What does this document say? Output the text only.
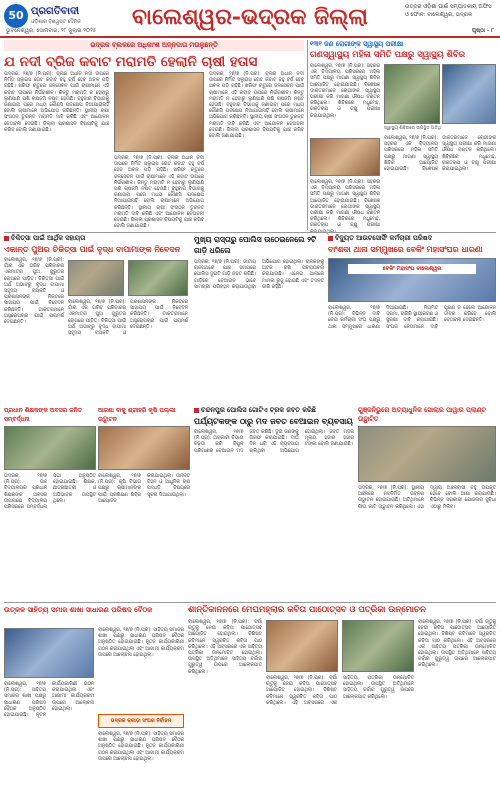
50 ପ୍ରଗତିବାଦୀ
ଓଡ଼ିଶାର ବିଶ୍ୱସ୍ତ ଦୈନିକ	ବାଲେଶ୍ୱର-ଭଦ୍ରକ ଜିଲ୍ଲା	ଉତ୍ତର ଓଡ଼ିଶା ପାଇଁ ସମ୍ପାଦକୀୟ ଅଫିସ ଓ ଫୋନ: ବାଲେଶ୍ୱର, ଭଦ୍ରକ
ଭୁବନେଶ୍ୱର, ସୋମବାର, ୨୮ ଜୁଲାଇ ୨୦୨୫	ପୃଷ୍ଠା - ୮
ଭଦ୍ରକ ବ୍ଲକରେ ଅଧିକାଂଶ ଅନ୍ନଦାତା ମଉଳୁଛନ୍ତି
ଯ ନଦୀ ବ୍ରିଜ କବାଟ ମରାମତି ହେଲାନି ଚାଷୀ ହତାସ
ଭଦ୍ରକ, ୨୭/୭ (ନି.ପ୍ର): ବ୍ଲକ ଅଧୀନ ନଦୀ ଉପରେ ନିର୍ମିତ ସ୍ଲୁଇସ ଗେଟ କବାଟ ବହୁ ବର୍ଷ ହେବ ଅଚଳ ପଡ଼ି ରହିଛି। ଖରିଫ ଋତୁରେ ଜଳସେଚନ ପାଇଁ ଚାଷୀମାନେ ଏହି କବାଟ ଉପରେ ନିର୍ଭରଶୀଳ। କିନ୍ତୁ ମରାମତି ନ ହେବାରୁ ଲୁଣିପାଣି ପଶି ଚାଷଜମି ନଷ୍ଟ ହେଉଛି। ବହୁବାର ବିଭାଗକୁ ଜଣାଇବା ପରେ ମଧ୍ୟ କୌଣସି ପଦକ୍ଷେପ ନିଆଯାଇନାହିଁ ବୋଲି ଚାଷୀମାନେ ଅଭିଯୋଗ କରିଛନ୍ତି। ସ୍ଥାନୀୟ ଚାଷୀ ସଂଗଠନ ତୁରନ୍ତ ମରାମତି ଦାବି କରିଛି ଏବଂ ଆନ୍ଦୋଳନ ଚେତାବନୀ ଦେଇଛି। ଜିଲ୍ଲା ପ୍ରଶାସନ ବିଷୟଟିକୁ ଯାଞ୍ଚ କରିବ ବୋଲି ଜଣାଯାଇଛି।
ଭଦ୍ରକ, ୨୭/୭ (ନି.ପ୍ର): ବ୍ଲକ ଅଧୀନ ନଦୀ ଉପରେ ନିର୍ମିତ ସ୍ଲୁଇସ ଗେଟ କବାଟ ବହୁ ବର୍ଷ ହେବ ଅଚଳ ପଡ଼ି ରହିଛି। ଖରିଫ ଋତୁରେ ଜଳସେଚନ ପାଇଁ ଚାଷୀମାନେ ଏହି କବାଟ ଉପରେ ନିର୍ଭରଶୀଳ। କିନ୍ତୁ ମରାମତି ନ ହେବାରୁ ଲୁଣିପାଣି ପଶି ଚାଷଜମି ନଷ୍ଟ ହେଉଛି। ବହୁବାର ବିଭାଗକୁ ଜଣାଇବା ପରେ ମଧ୍ୟ କୌଣସି ପଦକ୍ଷେପ ନିଆଯାଇନାହିଁ ବୋଲି ଚାଷୀମାନେ ଅଭିଯୋଗ କରିଛନ୍ତି। ସ୍ଥାନୀୟ ଚାଷୀ ସଂଗଠନ ତୁରନ୍ତ ମରାମତି ଦାବି କରିଛି ଏବଂ ଆନ୍ଦୋଳନ ଚେତାବନୀ ଦେଇଛି। ଜିଲ୍ଲା ପ୍ରଶାସନ ବିଷୟଟିକୁ ଯାଞ୍ଚ କରିବ ବୋଲି ଜଣାଯାଇଛି।
ଭଦ୍ରକ, ୨୭/୭ (ନି.ପ୍ର): ବ୍ଲକ ଅଧୀନ ନଦୀ ଉପରେ ନିର୍ମିତ ସ୍ଲୁଇସ ଗେଟ କବାଟ ବହୁ ବର୍ଷ ହେବ ଅଚଳ ପଡ଼ି ରହିଛି। ଖରିଫ ଋତୁରେ ଜଳସେଚନ ପାଇଁ ଚାଷୀମାନେ ଏହି କବାଟ ଉପରେ ନିର୍ଭରଶୀଳ। କିନ୍ତୁ ମରାମତି ନ ହେବାରୁ ଲୁଣିପାଣି ପଶି ଚାଷଜମି ନଷ୍ଟ ହେଉଛି। ବହୁବାର ବିଭାଗକୁ ଜଣାଇବା ପରେ ମଧ୍ୟ କୌଣସି ପଦକ୍ଷେପ ନିଆଯାଇନାହିଁ ବୋଲି ଚାଷୀମାନେ ଅଭିଯୋଗ କରିଛନ୍ତି। ସ୍ଥାନୀୟ ଚାଷୀ ସଂଗଠନ ତୁରନ୍ତ ମରାମତି ଦାବି କରିଛି ଏବଂ ଆନ୍ଦୋଳନ ଚେତାବନୀ ଦେଇଛି। ଜିଲ୍ଲା ପ୍ରଶାସନ ବିଷୟଟିକୁ ଯାଞ୍ଚ କରିବ ବୋଲି ଜଣାଯାଇଛି।
୧୩୧ ଜଣ ରୋଗୀଙ୍କ ସ୍ୱାସ୍ଥ୍ୟ ପରୀକ୍ଷା
ଗଣସ୍ୱାସ୍ଥ୍ୟ ମହିଳା ସମିତି ପକ୍ଷରୁ ସ୍ୱାସ୍ଥ୍ୟ ଶିବିର
ବାଲେଶ୍ୱର, ୨୭/୭ (ନି.ପ୍ର): ସହରର ଏକ ବିଦ୍ୟାଳୟ ପରିସରରେ ମହିଳା ସମିତି ପକ୍ଷରୁ ମାଗଣା ସ୍ୱାସ୍ଥ୍ୟ ଶିବିର ଆୟୋଜିତ ହୋଇଯାଇଛି। ବିଶେଷଜ୍ଞ ଡାକ୍ତରମାନେ ରୋଗୀଙ୍କ ସ୍ୱାସ୍ଥ୍ୟ ପରୀକ୍ଷା କରି ମାଗଣା ଔଷଧ ବଣ୍ଟନ କରିଥିଲେ। ଶିବିରରେ ମଧୁମେହ, ରକ୍ତଚାପ ଓ ଚକ୍ଷୁ ପରୀକ୍ଷା କରାଯାଇଥିଲା।
ସ୍ୱାସ୍ଥ୍ୟ ଶିବିରରେ ଉପସ୍ଥିତ ଅତିଥି
ବାଲେଶ୍ୱର, ୨୭/୭ (ନି.ପ୍ର): ସହରର ଏକ ବିଦ୍ୟାଳୟ ପରିସରରେ ମହିଳା ସମିତି ପକ୍ଷରୁ ମାଗଣା ସ୍ୱାସ୍ଥ୍ୟ ଶିବିର ଆୟୋଜିତ ହୋଇଯାଇଛି। ବିଶେଷଜ୍ଞ ଡାକ୍ତରମାନେ ରୋଗୀଙ୍କ ସ୍ୱାସ୍ଥ୍ୟ ପରୀକ୍ଷା କରି ମାଗଣା ଔଷଧ ବଣ୍ଟନ କରିଥିଲେ। ଶିବିରରେ ମଧୁମେହ, ରକ୍ତଚାପ ଓ ଚକ୍ଷୁ ପରୀକ୍ଷା କରାଯାଇଥିଲା।
ବାଲେଶ୍ୱର, ୨୭/୭ (ନି.ପ୍ର): ସହରର ଏକ ବିଦ୍ୟାଳୟ ପରିସରରେ ମହିଳା ସମିତି ପକ୍ଷରୁ ମାଗଣା ସ୍ୱାସ୍ଥ୍ୟ ଶିବିର ଆୟୋଜିତ ହୋଇଯାଇଛି। ବିଶେଷଜ୍ଞ ଡାକ୍ତରମାନେ ରୋଗୀଙ୍କ ସ୍ୱାସ୍ଥ୍ୟ ପରୀକ୍ଷା କରି ମାଗଣା ଔଷଧ ବଣ୍ଟନ କରିଥିଲେ। ଶିବିରରେ ମଧୁମେହ, ରକ୍ତଚାପ ଓ ଚକ୍ଷୁ ପରୀକ୍ଷା
ଚିକିତ୍ସା ପାଇଁ ଆର୍ଥିକ ସହାୟତା
ଏକାନ୍ତ ପୁଅର ଚିକିତ୍ସା ପାଇଁ ବୃଦ୍ଧ ବାପାମାଙ୍କ ନିବେଦନ
ବାଲେଶ୍ୱର, ୨୭/୭ (ନି.ପ୍ର): ଗାଁର ଏକ ଗରିବ ପରିବାରର ଏକମାତ୍ର ପୁଅ ଗୁରୁତର ରୋଗରେ ପୀଡ଼ିତ। ଚିକିତ୍ସା ପାଇଁ ଅର୍ଥ ଅଭାବରୁ ବୃଦ୍ଧ ବାପାମା ସହୃଦୟ ବ୍ୟକ୍ତି ଓ ପ୍ରଶାସନଙ୍କ ନିକଟରେ ସାହାଯ୍ୟ ପାଇଁ ନିବେଦନ କରିଛନ୍ତି। ଡାକ୍ତରମାନେ ଅସ୍ତ୍ରୋପଚାର ପାଇଁ ପରାମର୍ଶ ଦେଇଛନ୍ତି।
ବାଲେଶ୍ୱର, ୨୭/୭ (ନି.ପ୍ର): ଗାଁର ଏକ ଗରିବ ପରିବାରର ଏକମାତ୍ର ପୁଅ ଗୁରୁତର ରୋଗରେ ପୀଡ଼ିତ। ଚିକିତ୍ସା ପାଇଁ ଅର୍ଥ ଅଭାବରୁ ବୃଦ୍ଧ ବାପାମା ସହୃଦୟ ବ୍ୟକ୍ତି ଓ ପ୍ରଶାସନଙ୍କ ନିକଟରେ ସାହାଯ୍ୟ ପାଇଁ ନିବେଦନ କରିଛନ୍ତି। ଡାକ୍ତରମାନେ ଅସ୍ତ୍ରୋପଚାର ପାଇଁ ପରାମର୍ଶ ଦେଇଛନ୍ତି।
ମୁଖ୍ୟ ରାସ୍ତାରୁ ପୋଲିସ ଉଠେଇନେଲେ ୨ଟି ଗାଡ଼ି ଧରିଲେ
ଭଦ୍ରକ, ୨୭/୭ (ନି.ପ୍ର): ଜାତୀୟ ରାଜପଥରେ ଯାଞ୍ଚ ସମୟରେ ପୋଲିସ ଦୁଇଟି ଗାଡ଼ି ଜବତ କରିଛି। ଗାଡ଼ିରେ ବେଆଇନ ଭାବେ ସାମଗ୍ରୀ ପରିବହନ କରାଯାଉଥିବା ଅଭିଯୋଗ ହୋଇଥିଲା। ଚାଳକଙ୍କୁ ଅଟକ ରଖି ପଚରାଉଚରା କରାଯାଉଛି। ଏନେଇ ଥାନାରେ ମାମଲା ରୁଜୁ ହୋଇଛି ଏବଂ ତଦନ୍ତ ଜାରି ରହିଛି।
ବିଦ୍ୟୁତ ଆଉଟସୋର୍ସିଂ କର୍ମଚାରୀ ପରିଷଦ
ବାଂଶଦା ଥାନା ସମ୍ମୁଖରେ ବେକିଂ ମହାସଂଘର ଧାରଣା
ବେକିଂ ମହାସଂଘ ବାଲେଶ୍ୱର
ବାଲେଶ୍ୱର, ୨୭/୭ (ନି.ପ୍ର): ବିଭିନ୍ନ ଦାବି ନେଇ କର୍ମଚାରୀ ସଂଘ ପକ୍ଷରୁ ଥାନା ସମ୍ମୁଖରେ ଧାରଣା ଦିଆଯାଇଛି। ନିୟମିତ ଦରମା, ଚାକିରି ସ୍ଥାୟୀକରଣ ଓ ସୁରକ୍ଷା ଦାବି କରାଯାଇଛି। ସଂଘର ନେତାମାନେ ଦାବି ପୂରଣ ନ ହେଲେ ଆନ୍ଦୋଳନ ତୀବ୍ର କରିବେ ବୋଲି ଚେତାବନୀ ଦେଇଛନ୍ତି।
ଚନ୍ଦନପୁର ପୋଲିସ ଗୋଟିଏ ଟ୍ରକ ଜବତ କରିଛି
ପର୍ଯ୍ୟଟକଙ୍କ ଠାରୁ ମଦ ଜବତ ବେଆଇନ ବ୍ୟବସାୟ
ବାଲେଶ୍ୱର, ୨୭/୭ (ନି.ପ୍ର): ଅବକାରୀ ବିଭାଗ ଚଢ଼ଉ କରି ବିପୁଳ ପରିମାଣର ବେଆଇନ ମଦ ଜବତ କରିଛି। ଦୁଇ ଜଣଙ୍କୁ ଗିରଫ କରାଯାଇଛି। ଦୀର୍ଘ ଦିନ ଧରି ଏହି ବ୍ୟବସାୟ ଚାଲିଥିବା ଅଭିଯୋଗ ହୋଇଥିଲା। ଜବତ ମଦର ମୂଲ୍ୟ ହଜାର ହଜାର ଟଙ୍କା ବୋଲି ଜଣାଯାଇଛି।
ଗୁଞ୍ଜନିଭୁରେ ଅତ୍ୟାଧୁନିକ ସୋଲାର ପାୱାର ପ୍ଲାଣ୍ଟ ଉଦ୍ଘାଟିତ
ଭଦ୍ରକ, ୨୭/୭ (ନି.ପ୍ର): ସ୍ଥାନୀୟ ଅଞ୍ଚଳରେ ନବନିର୍ମିତ ଭବନର ଉଦ୍ଘାଟନ ହୋଇଯାଇଛି। ଅତିଥିମାନେ ଫିତା କାଟି ଉଦ୍ଘାଟନ କରିଥିଲେ। ଏହା ଦ୍ୱାରା ଅଞ୍ଚଳବାସୀ ବହୁ ଉପକୃତ ହେବେ ବୋଲି ଆଶା କରାଯାଉଛି। ବିଭିନ୍ନ ସରକାରୀ ଯୋଜନାର ସୁବିଧା ଏଠାରୁ ମିଳିବ।
ପ୍ରଧାନ ଶିକ୍ଷକଙ୍କ ଅବସର ଜନିତ ସମ୍ବର୍ଦ୍ଧନା
ଭଦ୍ରକ, ୨୭/୭ (ନି.ପ୍ର): ଉଚ୍ଚ ବିଦ୍ୟାଳୟର ପ୍ରଧାନ ଶିକ୍ଷକଙ୍କ ଅବସର ଉପଲକ୍ଷେ ବିଦ୍ୟାଳୟ ପରିସରରେ ସମ୍ବର୍ଦ୍ଧନା ସଭା ଅନୁଷ୍ଠିତ ହୋଇଯାଇଛି। ଶିକ୍ଷକ, ଛାତ୍ରଛାତ୍ରୀ ଓ ଅଭିଭାବକ ଉପସ୍ଥିତ ଥିଲେ।
ଆଜଣା ବାକୁ ଶ୍ରୀହରି କୃଷି ପଲ୍ଲୀ ଉଦ୍ଘାଟନ
ବାଲେଶ୍ୱର, ୨୭/୭ (ନି.ପ୍ର): କୃଷି ବିଭାଗ ପକ୍ଷରୁ ଚାଷୀମାନଙ୍କ ପାଇଁ ପ୍ରଶିକ୍ଷଣ ଶିବିର ଆୟୋଜନ କରାଯାଇଥିଲା। ଉନ୍ନତ ବିହନ ଓ ଆଧୁନିକ ଚାଷ ପଦ୍ଧତି ବିଷୟରେ ସୂଚନା ଦିଆଯାଇଥିଲା।
ଉତ୍କଳ ସାହିତ୍ୟ ସମାଜ ଶାଖା ସାଧାରଣ ପରିଷଦ ବୈଠକ
ବାଲେଶ୍ୱର, ୨୭/୭ (ନି.ପ୍ର): ସାହିତ୍ୟ ସମାଜର ଶାଖା ପକ୍ଷରୁ ସାଧାରଣ ପରିଷଦ ବୈଠକ ଅନୁଷ୍ଠିତ ହୋଇଯାଇଛି। ନୂତନ କାର୍ଯ୍ୟକାରିଣୀ ଗଠନ କରାଯାଇଥିଲା ଏବଂ ଆଗାମୀ କାର୍ଯ୍ୟକ୍ରମ ଉପରେ ଆଲୋଚନା ହୋଇଥିଲା।
ବାଲେଶ୍ୱର, ୨୭/୭ (ନି.ପ୍ର): ସାହିତ୍ୟ ସମାଜର ଶାଖା ପକ୍ଷରୁ ସାଧାରଣ ପରିଷଦ ବୈଠକ ଅନୁଷ୍ଠିତ ହୋଇଯାଇଛି। ନୂତନ କାର୍ଯ୍ୟକାରିଣୀ ଗଠନ କରାଯାଇଥିଲା ଏବଂ ଆଗାମୀ କାର୍ଯ୍ୟକ୍ରମ ଉପରେ ଆଲୋଚନା ହୋଇଥିଲା।
ଭଦ୍ରକ କ୍ରୀଡ଼ା ସଂଘର ନିର୍ବାଚନ
ବାଲେଶ୍ୱର, ୨୭/୭ (ନି.ପ୍ର): ସାହିତ୍ୟ ସମାଜର ଶାଖା ପକ୍ଷରୁ ସାଧାରଣ ପରିଷଦ ବୈଠକ ଅନୁଷ୍ଠିତ ହୋଇଯାଇଛି। ନୂତନ କାର୍ଯ୍ୟକାରିଣୀ ଗଠନ କରାଯାଇଥିଲା ଏବଂ ଆଗାମୀ କାର୍ଯ୍ୟକ୍ରମ ଉପରେ ଆଲୋଚନା ହୋଇଥିଲା।
ଶାନ୍ତିକାନନରେ ମେଘମହ୍ଲାର କବିତା ପାଠୋତ୍ସବ ଓ ପତ୍ରିକା ଉନ୍ମୋଚନ
ବାଲେଶ୍ୱର, ୨୭/୭ (ନି.ପ୍ର): ବର୍ଷା ଋତୁକୁ ନେଇ କବିତା ପାଠୋତ୍ସବ ଆୟୋଜିତ ହୋଇଥିଲା। ବିଶିଷ୍ଟ କବିମାନେ ସ୍ୱରଚିତ କବିତା ପାଠ କରିଥିଲେ। ଏହି ଅବସରରେ ଏକ ସାହିତ୍ୟ ପତ୍ରିକା ଉନ୍ମୋଚିତ ହୋଇଥିଲା। ଉପସ୍ଥିତ ଅତିଥିମାନେ ସାହିତ୍ୟ ଚର୍ଚ୍ଚାର ଗୁରୁତ୍ୱ ଉପରେ ଆଲୋକପାତ କରିଥିଲେ।
ବାଲେଶ୍ୱର, ୨୭/୭ (ନି.ପ୍ର): ବର୍ଷା ଋତୁକୁ ନେଇ କବିତା ପାଠୋତ୍ସବ ଆୟୋଜିତ ହୋଇଥିଲା। ବିଶିଷ୍ଟ କବିମାନେ ସ୍ୱରଚିତ କବିତା ପାଠ କରିଥିଲେ। ଏହି ଅବସରରେ ଏକ ସାହିତ୍ୟ ପତ୍ରିକା ଉନ୍ମୋଚିତ ହୋଇଥିଲା। ଉପସ୍ଥିତ ଅତିଥିମାନେ ସାହିତ୍ୟ ଚର୍ଚ୍ଚାର ଗୁରୁତ୍ୱ ଉପରେ ଆଲୋକପାତ କରିଥିଲେ।
ବାଲେଶ୍ୱର, ୨୭/୭ (ନି.ପ୍ର): ବର୍ଷା ଋତୁକୁ ନେଇ କବିତା ପାଠୋତ୍ସବ ଆୟୋଜିତ ହୋଇଥିଲା। ବିଶିଷ୍ଟ କବିମାନେ ସ୍ୱରଚିତ କବିତା ପାଠ କରିଥିଲେ। ଏହି ଅବସରରେ ଏକ ସାହିତ୍ୟ ପତ୍ରିକା ଉନ୍ମୋଚିତ ହୋଇଥିଲା। ଉପସ୍ଥିତ ଅତିଥିମାନେ ସାହିତ୍ୟ ଚର୍ଚ୍ଚାର ଗୁରୁତ୍ୱ ଉପରେ ଆଲୋକପାତ କରିଥିଲେ।
